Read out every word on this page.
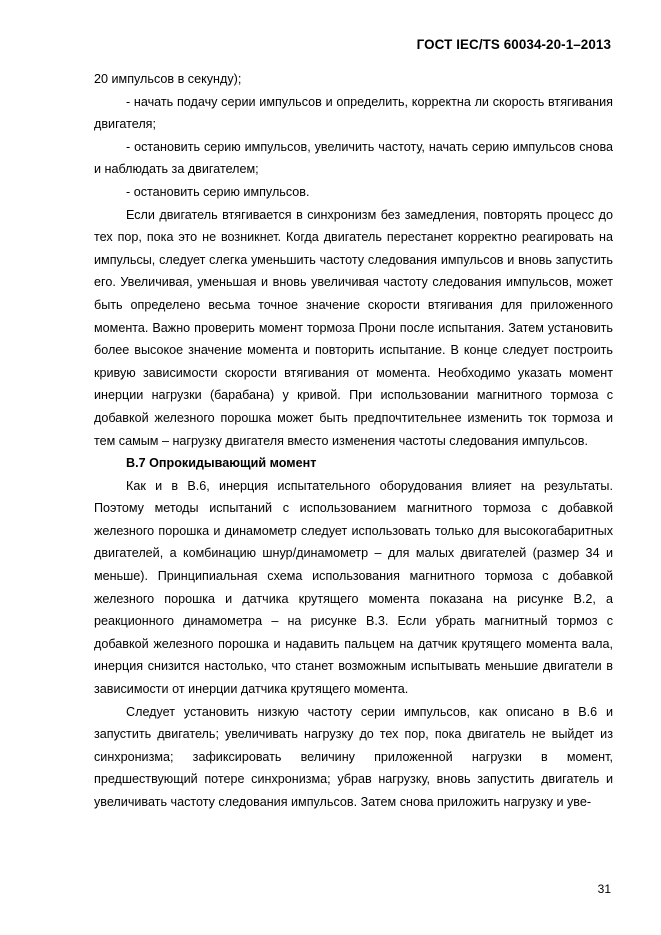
ГОСТ IEC/TS 60034-20-1–2013

20 импульсов в секунду);

- начать подачу серии импульсов и определить, корректна ли скорость втягивания двигателя;

- остановить серию импульсов, увеличить частоту, начать серию импульсов снова и наблюдать за двигателем;

- остановить серию импульсов.

Если двигатель втягивается в синхронизм без замедления, повторять процесс до тех пор, пока это не возникнет. Когда двигатель перестанет корректно реагировать на импульсы, следует слегка уменьшить частоту следования импульсов и вновь запустить его. Увеличивая, уменьшая и вновь увеличивая частоту следования импульсов, может быть определено весьма точное значение скорости втягивания для приложенного момента. Важно проверить момент тормоза Прони после испытания. Затем установить более высокое значение момента и повторить испытание. В конце следует построить кривую зависимости скорости втягивания от момента. Необходимо указать момент инерции нагрузки (барабана) у кривой. При использовании магнитного тормоза с добавкой железного порошка может быть предпочтительнее изменить ток тормоза и тем самым – нагрузку двигателя вместо изменения частоты следования импульсов.

В.7 Опрокидывающий момент

Как и в В.6, инерция испытательного оборудования влияет на результаты. Поэтому методы испытаний с использованием магнитного тормоза с добавкой железного порошка и динамометр следует использовать только для высокогабаритных двигателей, а комбинацию шнур/динамометр – для малых двигателей (размер 34 и меньше). Принципиальная схема использования магнитного тормоза с добавкой железного порошка и датчика крутящего момента показана на рисунке В.2, а реакционного динамометра – на рисунке В.3. Если убрать магнитный тормоз с добавкой железного порошка и надавить пальцем на датчик крутящего момента вала, инерция снизится настолько, что станет возможным испытывать меньшие двигатели в зависимости от инерции датчика крутящего момента.

Следует установить низкую частоту серии импульсов, как описано в В.6 и запустить двигатель; увеличивать нагрузку до тех пор, пока двигатель не выйдет из синхронизма; зафиксировать величину приложенной нагрузки в момент, предшествующий потере синхронизма; убрав нагрузку, вновь запустить двигатель и увеличивать частоту следования импульсов. Затем снова приложить нагрузку и уве-

31
